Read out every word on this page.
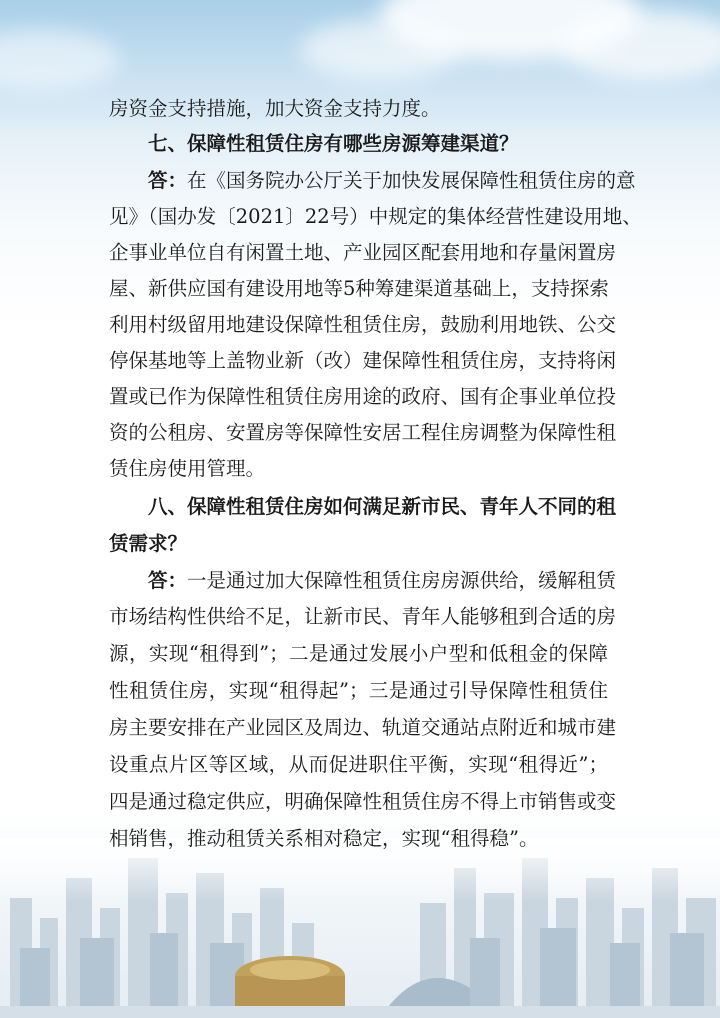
房资金支持措施，加大资金支持力度。
七、保障性租赁住房有哪些房源筹建渠道？
答：在《国务院办公厅关于加快发展保障性租赁住房的意
见》（国办发〔2021〕22号）中规定的集体经营性建设用地、
企事业单位自有闲置土地、产业园区配套用地和存量闲置房
屋、新供应国有建设用地等5种筹建渠道基础上，支持探索
利用村级留用地建设保障性租赁住房，鼓励利用地铁、公交
停保基地等上盖物业新（改）建保障性租赁住房，支持将闲
置或已作为保障性租赁住房用途的政府、国有企事业单位投
资的公租房、安置房等保障性安居工程住房调整为保障性租
赁住房使用管理。
八、保障性租赁住房如何满足新市民、青年人不同的租
赁需求？
答：一是通过加大保障性租赁住房房源供给，缓解租赁
市场结构性供给不足，让新市民、青年人能够租到合适的房
源，实现“租得到”；二是通过发展小户型和低租金的保障
性租赁住房，实现“租得起”；三是通过引导保障性租赁住
房主要安排在产业园区及周边、轨道交通站点附近和城市建
设重点片区等区域，从而促进职住平衡，实现“租得近”；
四是通过稳定供应，明确保障性租赁住房不得上市销售或变
相销售，推动租赁关系相对稳定，实现“租得稳”。
